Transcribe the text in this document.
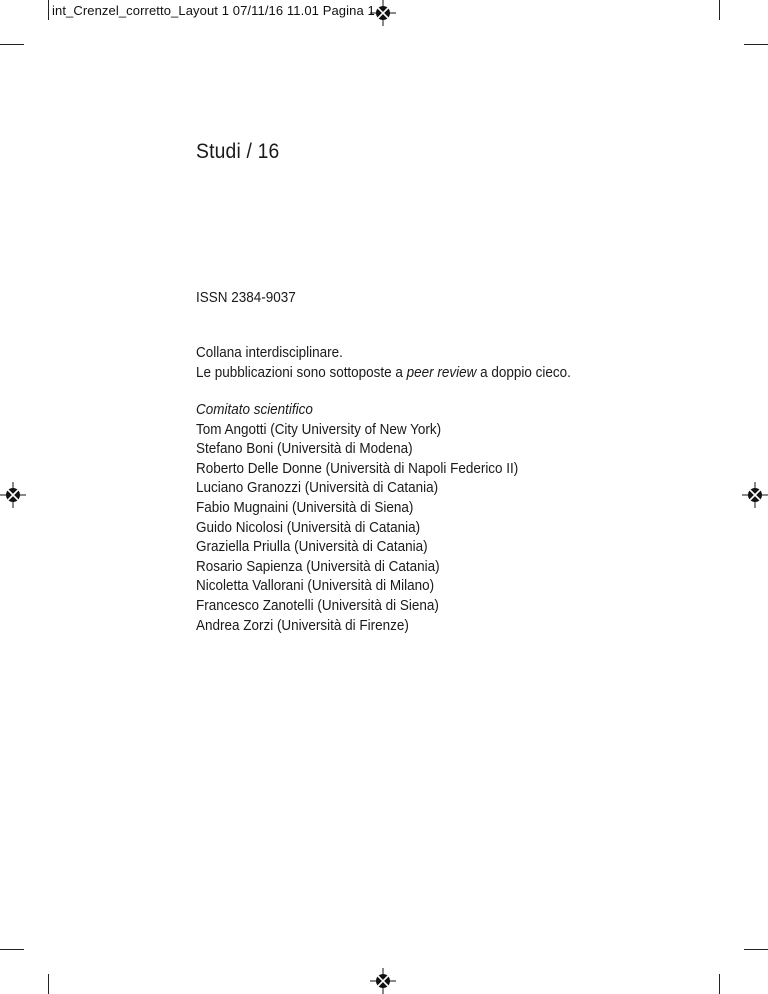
int_Crenzel_corretto_Layout 1 07/11/16 11.01 Pagina 1
Studi / 16
ISSN 2384-9037
Collana interdisciplinare.
Le pubblicazioni sono sottoposte a peer review a doppio cieco.
Comitato scientifico
Tom Angotti (City University of New York)
Stefano Boni (Università di Modena)
Roberto Delle Donne (Università di Napoli Federico II)
Luciano Granozzi (Università di Catania)
Fabio Mugnaini (Università di Siena)
Guido Nicolosi (Università di Catania)
Graziella Priulla (Università di Catania)
Rosario Sapienza (Università di Catania)
Nicoletta Vallorani (Università di Milano)
Francesco Zanotelli (Università di Siena)
Andrea Zorzi (Università di Firenze)
